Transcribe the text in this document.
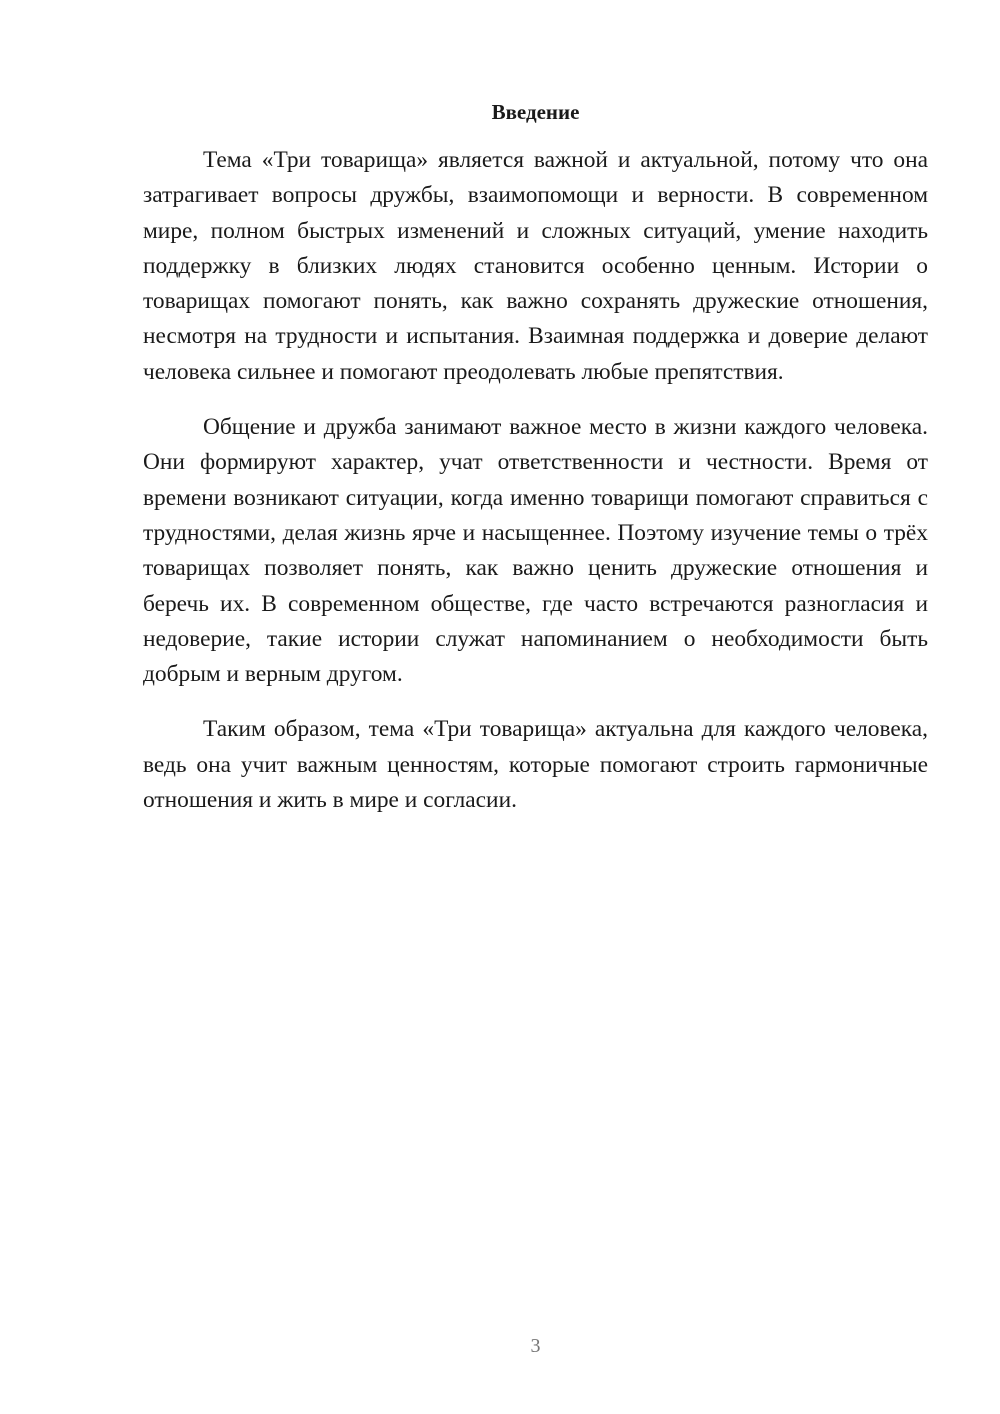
Введение

Тема «Три товарища» является важной и актуальной, потому что она затрагивает вопросы дружбы, взаимопомощи и верности. В современном мире, полном быстрых изменений и сложных ситуаций, умение находить поддержку в близких людях становится особенно ценным. Истории о товарищах помогают понять, как важно сохранять дружеские отношения, несмотря на трудности и испытания. Взаимная поддержка и доверие делают человека сильнее и помогают преодолевать любые препятствия.

Общение и дружба занимают важное место в жизни каждого человека. Они формируют характер, учат ответственности и честности. Время от времени возникают ситуации, когда именно товарищи помогают справиться с трудностями, делая жизнь ярче и насыщеннее. Поэтому изучение темы о трёх товарищах позволяет понять, как важно ценить дружеские отношения и беречь их. В современном обществе, где часто встречаются разногласия и недоверие, такие истории служат напоминанием о необходимости быть добрым и верным другом.

Таким образом, тема «Три товарища» актуальна для каждого человека, ведь она учит важным ценностям, которые помогают строить гармоничные отношения и жить в мире и согласии.

3
